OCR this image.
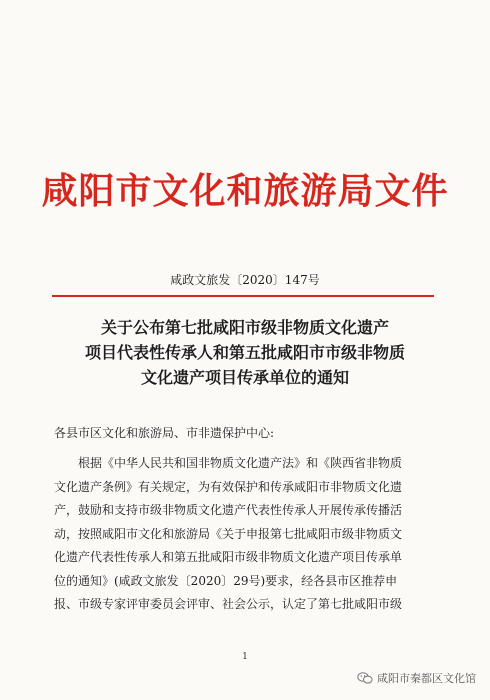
咸阳市文化和旅游局文件
咸政文旅发〔2020〕147号
关于公布第七批咸阳市级非物质文化遗产
项目代表性传承人和第五批咸阳市市级非物质
文化遗产项目传承单位的通知
各县市区文化和旅游局、市非遗保护中心:
根据《中华人民共和国非物质文化遗产法》和《陕西省非物质
文化遗产条例》有关规定，为有效保护和传承咸阳市非物质文化遗
产，鼓励和支持市级非物质文化遗产代表性传承人开展传承传播活
动，按照咸阳市文化和旅游局《关于申报第七批咸阳市级非物质文
化遗产代表性传承人和第五批咸阳市级非物质文化遗产项目传承单
位的通知》(咸政文旅发〔2020〕29号)要求，经各县市区推荐申
报、市级专家评审委员会评审、社会公示，认定了第七批咸阳市级
1
咸阳市秦都区文化馆
